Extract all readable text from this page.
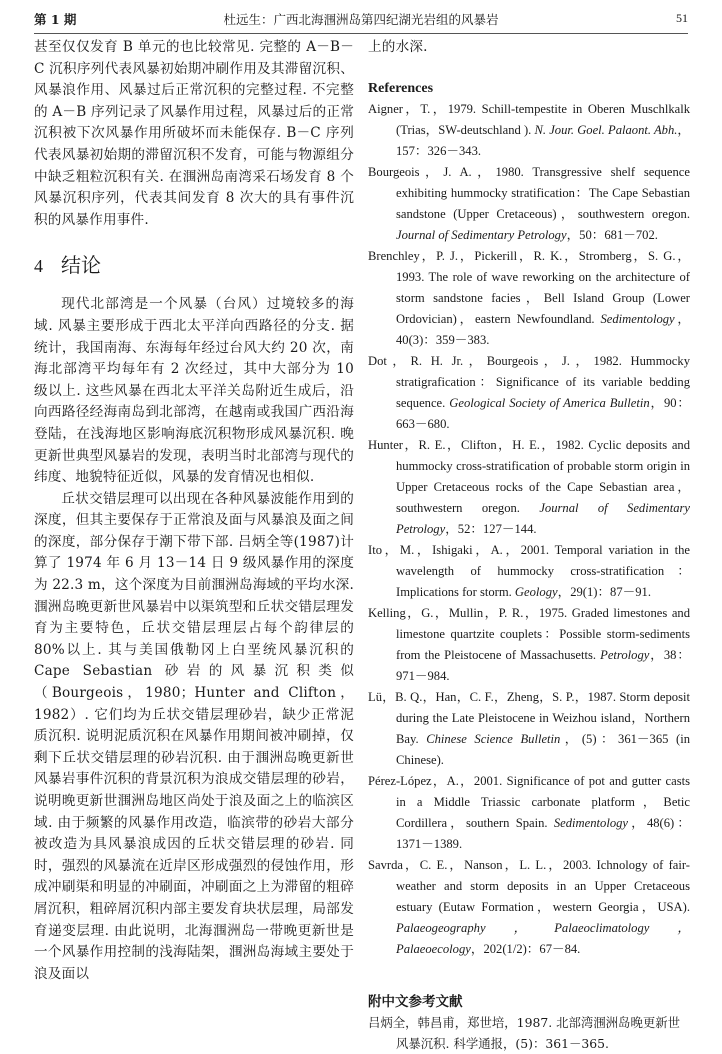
第 1 期	杜远生：广西北海涠洲岛第四纪湖光岩组的风暴岩	51

甚至仅仅发育 B 单元的也比较常见. 完整的 A－B－C 沉积序列代表风暴初始期冲刷作用及其滞留沉积、风暴浪作用、风暴过后正常沉积的完整过程. 不完整的 A－B 序列记录了风暴作用过程，风暴过后的正常沉积被下次风暴作用所破坏而未能保存. B－C 序列代表风暴初始期的滞留沉积不发育，可能与物源组分中缺乏粗粒沉积有关. 在涠洲岛南湾采石场发育 8 个风暴沉积序列，代表其间发育 8 次大的具有事件沉积的风暴作用事件.

4 结论

现代北部湾是一个风暴（台风）过境较多的海域. 风暴主要形成于西北太平洋向西路径的分支. 据统计，我国南海、东海每年经过台风大约 20 次，南海北部湾平均每年有 2 次经过，其中大部分为 10 级以上. 这些风暴在西北太平洋关岛附近生成后，沿向西路径经海南岛到北部湾，在越南或我国广西沿海登陆，在浅海地区影响海底沉积物形成风暴沉积. 晚更新世典型风暴岩的发现，表明当时北部湾与现代的纬度、地貌特征近似，风暴的发育情况也相似.

丘状交错层理可以出现在各种风暴波能作用到的深度，但其主要保存于正常浪及面与风暴浪及面之间的深度，部分保存于潮下带下部. 吕炳全等(1987)计算了 1974 年 6 月 13－14 日 9 级风暴作用的深度为 22.3 m，这个深度为目前涠洲岛海域的平均水深. 涠洲岛晚更新世风暴岩中以渠筑型和丘状交错层理发育为主要特色，丘状交错层理层占每个韵律层的 80%以上. 其与美国俄勒冈上白垩统风暴沉积的 Cape Sebastian 砂岩的风暴沉积类似（Bourgeois，1980；Hunter and Clifton，1982）. 它们均为丘状交错层理砂岩，缺少正常泥质沉积. 说明泥质沉积在风暴作用期间被冲刷掉，仅剩下丘状交错层理的砂岩沉积. 由于涠洲岛晚更新世风暴岩事件沉积的背景沉积为浪成交错层理的砂岩，说明晚更新世涠洲岛地区尚处于浪及面之上的临滨区域. 由于频繁的风暴作用改造，临滨带的砂岩大部分被改造为具风暴浪成因的丘状交错层理的砂岩. 同时，强烈的风暴流在近岸区形成强烈的侵蚀作用，形成冲刷渠和明显的冲刷面，冲刷面之上为滞留的粗碎屑沉积，粗碎屑沉积内部主要发育块状层理，局部发育递变层理. 由此说明，北海涠洲岛一带晚更新世是一个风暴作用控制的浅海陆架，涠洲岛海域主要处于浪及面以

上的水深.

References

Aigner，T.，1979. Schill-tempestite in Oberen Muschlkalk (Trias，SW-deutschland ). N. Jour. Goel. Palaont. Abh.，157：326－343.

Bourgeois，J. A.，1980. Transgressive shelf sequence exhibiting hummocky stratification：The Cape Sebastian sandstone (Upper Cretaceous)，southwestern oregon. Journal of Sedimentary Petrology，50：681－702.

Brenchley，P. J.，Pickerill，R. K.，Stromberg，S. G.，1993. The role of wave reworking on the architecture of storm sandstone facies，Bell Island Group (Lower Ordovician)，eastern Newfoundland. Sedimentology，40(3)：359－383.

Dot，R. H. Jr.，Bourgeois，J.，1982. Hummocky stratigrafication：Significance of its variable bedding sequence. Geological Society of America Bulletin，90：663－680.

Hunter，R. E.，Clifton，H. E.，1982. Cyclic deposits and hummocky cross-stratification of probable storm origin in Upper Cretaceous rocks of the Cape Sebastian area，southwestern oregon. Journal of Sedimentary Petrology，52：127－144.

Ito，M.，Ishigaki，A.，2001. Temporal variation in the wavelength of hummocky cross-stratification：Implications for storm. Geology，29(1)：87－91.

Kelling，G.，Mullin，P. R.，1975. Graded limestones and limestone quartzite couplets：Possible storm-sediments from the Pleistocene of Massachusetts. Petrology，38：971－984.

Lü，B. Q.，Han，C. F.，Zheng，S. P.，1987. Storm deposit during the Late Pleistocene in Weizhou island，Northern Bay. Chinese Science Bulletin，(5)：361－365 (in Chinese).

Pérez-López，A.，2001. Significance of pot and gutter casts in a Middle Triassic carbonate platform，Betic Cordillera，southern Spain. Sedimentology，48(6)：1371－1389.

Savrda，C. E.，Nanson，L. L.，2003. Ichnology of fair-weather and storm deposits in an Upper Cretaceous estuary (Eutaw Formation，western Georgia，USA). Palaeogeography，Palaeoclimatology，Palaeoecology，202(1/2)：67－84.

附中文参考文献

吕炳全，韩昌甫，郑世培，1987. 北部湾涠洲岛晚更新世风暴沉积. 科学通报，(5)：361－365.
